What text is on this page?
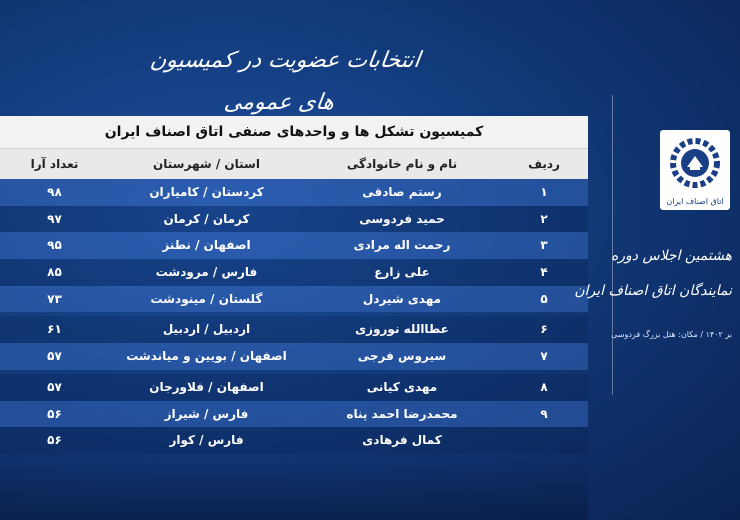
انتخابات عضویت در کمیسیون های عمومی
کمیسیون تشکل ها و واحدهای صنفی اتاق اصناف ایران
ردیف
نام و نام خانوادگی
استان / شهرستان
تعداد آرا
۱
رستم صادقی
کردستان / کامیاران
۹۸
۲
حمید فردوسی
کرمان / کرمان
۹۷
۳
رحمت اله مرادی
اصفهان / نطنز
۹۵
۴
علی زارع
فارس / مرودشت
۸۵
۵
مهدی شیردل
گلستان / مینودشت
۷۳
۶
عطاالله نوروزی
اردبیل / اردبیل
۶۱
۷
سیروس فرجی
اصفهان / بویین و میاندشت
۵۷
۸
مهدی کیانی
اصفهان / فلاورجان
۵۷
۹
محمدرضا احمد پناه
فارس / شیراز
۵۶
کمال فرهادی
فارس / کوار
۵۶
اتاق اصناف ایران
هشتمین اجلاس دوره
نمایندگان اتاق اصناف ایران
بر ۱۴۰۲ / مکان: هتل بزرگ فردوسی
